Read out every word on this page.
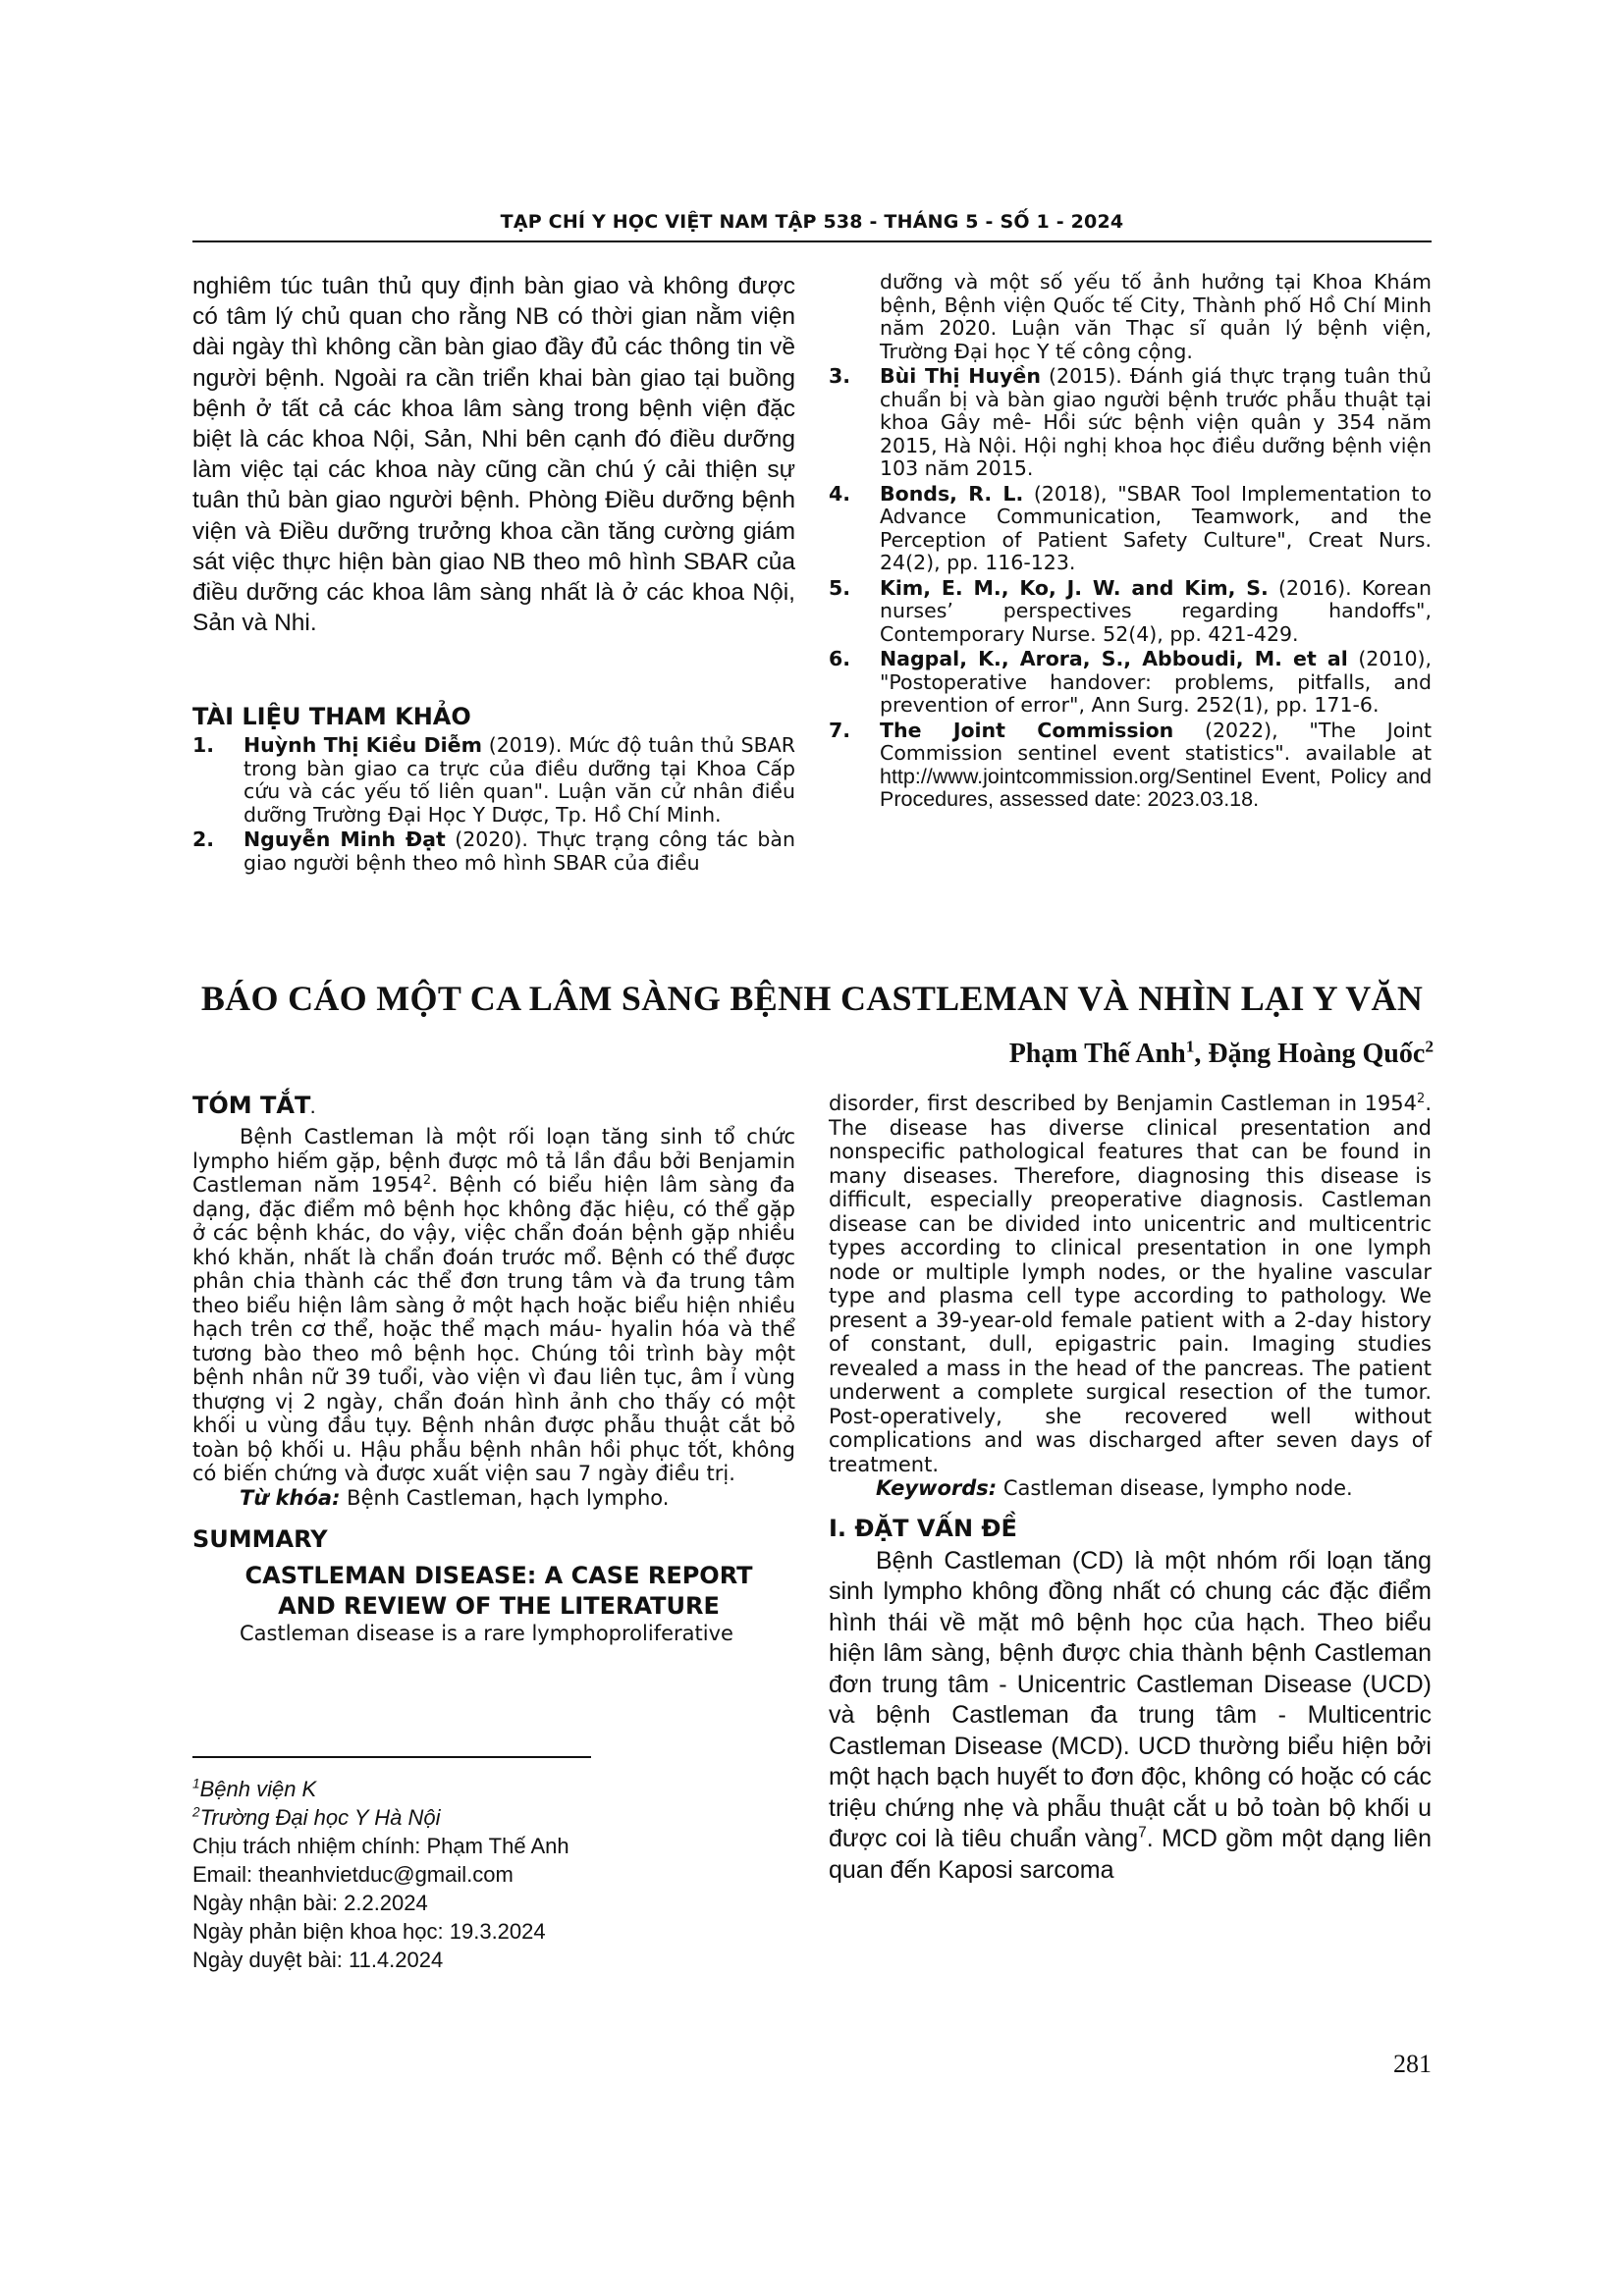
TẠP CHÍ Y HỌC VIỆT NAM TẬP 538 - THÁNG 5 - SỐ 1 - 2024

nghiêm túc tuân thủ quy định bàn giao và không được có tâm lý chủ quan cho rằng NB có thời gian nằm viện dài ngày thì không cần bàn giao đầy đủ các thông tin về người bệnh. Ngoài ra cần triển khai bàn giao tại buồng bệnh ở tất cả các khoa lâm sàng trong bệnh viện đặc biệt là các khoa Nội, Sản, Nhi bên cạnh đó điều dưỡng làm việc tại các khoa này cũng cần chú ý cải thiện sự tuân thủ bàn giao người bệnh. Phòng Điều dưỡng bệnh viện và Điều dưỡng trưởng khoa cần tăng cường giám sát việc thực hiện bàn giao NB theo mô hình SBAR của điều dưỡng các khoa lâm sàng nhất là ở các khoa Nội, Sản và Nhi.

TÀI LIỆU THAM KHẢO

1. Huỳnh Thị Kiều Diễm (2019). Mức độ tuân thủ SBAR trong bàn giao ca trực của điều dưỡng tại Khoa Cấp cứu và các yếu tố liên quan". Luận văn cử nhân điều dưỡng Trường Đại Học Y Dược, Tp. Hồ Chí Minh.

2. Nguyễn Minh Đạt (2020). Thực trạng công tác bàn giao người bệnh theo mô hình SBAR của điều

dưỡng và một số yếu tố ảnh hưởng tại Khoa Khám bệnh, Bệnh viện Quốc tế City, Thành phố Hồ Chí Minh năm 2020. Luận văn Thạc sĩ quản lý bệnh viện, Trường Đại học Y tế công cộng.

3. Bùi Thị Huyền (2015). Đánh giá thực trạng tuân thủ chuẩn bị và bàn giao người bệnh trước phẫu thuật tại khoa Gây mê- Hồi sức bệnh viện quân y 354 năm 2015, Hà Nội. Hội nghị khoa học điều dưỡng bệnh viện 103 năm 2015.

4. Bonds, R. L. (2018), "SBAR Tool Implementation to Advance Communication, Teamwork, and the Perception of Patient Safety Culture", Creat Nurs. 24(2), pp. 116-123.

5. Kim, E. M., Ko, J. W. and Kim, S. (2016). Korean nurses’ perspectives regarding handoffs", Contemporary Nurse. 52(4), pp. 421-429.

6. Nagpal, K., Arora, S., Abboudi, M. et al (2010), "Postoperative handover: problems, pitfalls, and prevention of error", Ann Surg. 252(1), pp. 171-6.

7. The Joint Commission (2022), "The Joint Commission sentinel event statistics". available at http://www.jointcommission.org/Sentinel Event, Policy and Procedures, assessed date: 2023.03.18.

BÁO CÁO MỘT CA LÂM SÀNG BỆNH CASTLEMAN VÀ NHÌN LẠI Y VĂN
Phạm Thế Anh$^1$, Đặng Hoàng Quốc$^2$

TÓM TẮT.

Bệnh Castleman là một rối loạn tăng sinh tổ chức lympho hiếm gặp, bệnh được mô tả lần đầu bởi Benjamin Castleman năm 1954$^2$. Bệnh có biểu hiện lâm sàng đa dạng, đặc điểm mô bệnh học không đặc hiệu, có thể gặp ở các bệnh khác, do vậy, việc chẩn đoán bệnh gặp nhiều khó khăn, nhất là chẩn đoán trước mổ. Bệnh có thể được phân chia thành các thể đơn trung tâm và đa trung tâm theo biểu hiện lâm sàng ở một hạch hoặc biểu hiện nhiều hạch trên cơ thể, hoặc thể mạch máu- hyalin hóa và thể tương bào theo mô bệnh học. Chúng tôi trình bày một bệnh nhân nữ 39 tuổi, vào viện vì đau liên tục, âm ỉ vùng thượng vị 2 ngày, chẩn đoán hình ảnh cho thấy có một khối u vùng đầu tụy. Bệnh nhân được phẫu thuật cắt bỏ toàn bộ khối u. Hậu phẫu bệnh nhân hồi phục tốt, không có biến chứng và được xuất viện sau 7 ngày điều trị.

Từ khóa: Bệnh Castleman, hạch lympho.

SUMMARY

CASTLEMAN DISEASE: A CASE REPORT
AND REVIEW OF THE LITERATURE

Castleman disease is a rare lymphoproliferative

$^1$Bệnh viện K

$^2$Trường Đại học Y Hà Nội

Chịu trách nhiệm chính: Phạm Thế Anh

Email: theanhvietduc@gmail.com

Ngày nhận bài: 2.2.2024

Ngày phản biện khoa học: 19.3.2024

Ngày duyệt bài: 11.4.2024

disorder, first described by Benjamin Castleman in 1954$^2$. The disease has diverse clinical presentation and nonspecific pathological features that can be found in many diseases. Therefore, diagnosing this disease is difficult, especially preoperative diagnosis. Castleman disease can be divided into unicentric and multicentric types according to clinical presentation in one lymph node or multiple lymph nodes, or the hyaline vascular type and plasma cell type according to pathology. We present a 39-year-old female patient with a 2-day history of constant, dull, epigastric pain. Imaging studies revealed a mass in the head of the pancreas. The patient underwent a complete surgical resection of the tumor. Post-operatively, she recovered well without complications and was discharged after seven days of treatment.

Keywords: Castleman disease, lympho node.

I. ĐẶT VẤN ĐỀ

Bệnh Castleman (CD) là một nhóm rối loạn tăng sinh lympho không đồng nhất có chung các đặc điểm hình thái về mặt mô bệnh học của hạch. Theo biểu hiện lâm sàng, bệnh được chia thành bệnh Castleman đơn trung tâm - Unicentric Castleman Disease (UCD) và bệnh Castleman đa trung tâm - Multicentric Castleman Disease (MCD). UCD thường biểu hiện bởi một hạch bạch huyết to đơn độc, không có hoặc có các triệu chứng nhẹ và phẫu thuật cắt u bỏ toàn bộ khối u được coi là tiêu chuẩn vàng$^7$. MCD gồm một dạng liên quan đến Kaposi sarcoma

281
